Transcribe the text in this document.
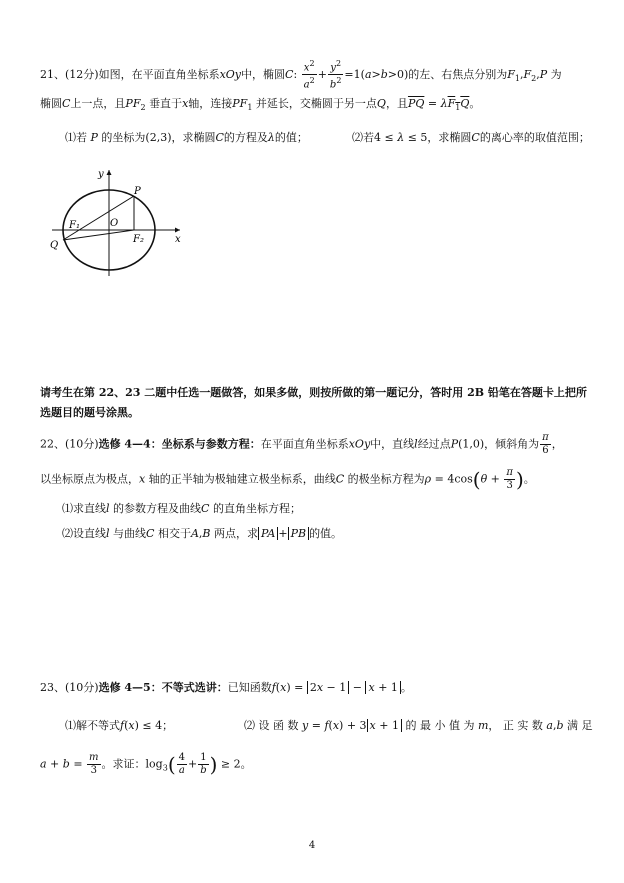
21、(12分)如图，在平面直角坐标系xOy中，椭圆C: $\frac{x^2}{a^2} + \frac{y^2}{b^2} =1(a>b>0)$的左、右焦点分别为$F_1,F_2,P$ 为
椭圆C上一点，且$PF_2$ 垂直于x轴，连接$PF_1$ 并延长，交椭圆于另一点Q，且$\overline{PQ} = \lambda F_1Q$。
⑴若 P 的坐标为(2,3)，求椭圆C的方程及λ的值；	⑵若4 ≤ λ ≤ 5，求椭圆C的离心率的取值范围；
y
x
P
O
F₁
F₂
Q
请考生在第 22、23 二题中任选一题做答，如果多做，则按所做的第一题记分，答时用 2B 铅笔在答题卡上把所
选题目的题号涂黑。
22、(10分)选修 4—4：坐标系与参数方程：在平面直角坐标系xOy中，直线l经过点P(1,0)，倾斜角为 $\frac{\pi}{6}$ ，
以坐标原点为极点，x 轴的正半轴为极轴建立极坐标系，曲线C 的极坐标方程为$\rho = 4\cos(\theta + \frac{\pi}{3}$ )。
⑴求直线l 的参数方程及曲线C 的直角坐标方程；
⑵设直线l 与曲线C 相交于A,B 两点，求 PA + PB 的值。
23、(10分)选修 4—5：不等式选讲：已知函数f(x) = 2x − 1 − x + 1 。
⑴解不等式f(x) ≤ 4；	⑵ 设 函 数 y = f(x) + 3 x + 1 的 最 小 值 为 m， 正 实 数 a,b 满 足
$a + b = \frac{m}{3}$ 。求证：$\log_3( \frac{4}{a} + \frac{1}{b}$ ) ≥ 2。
4
